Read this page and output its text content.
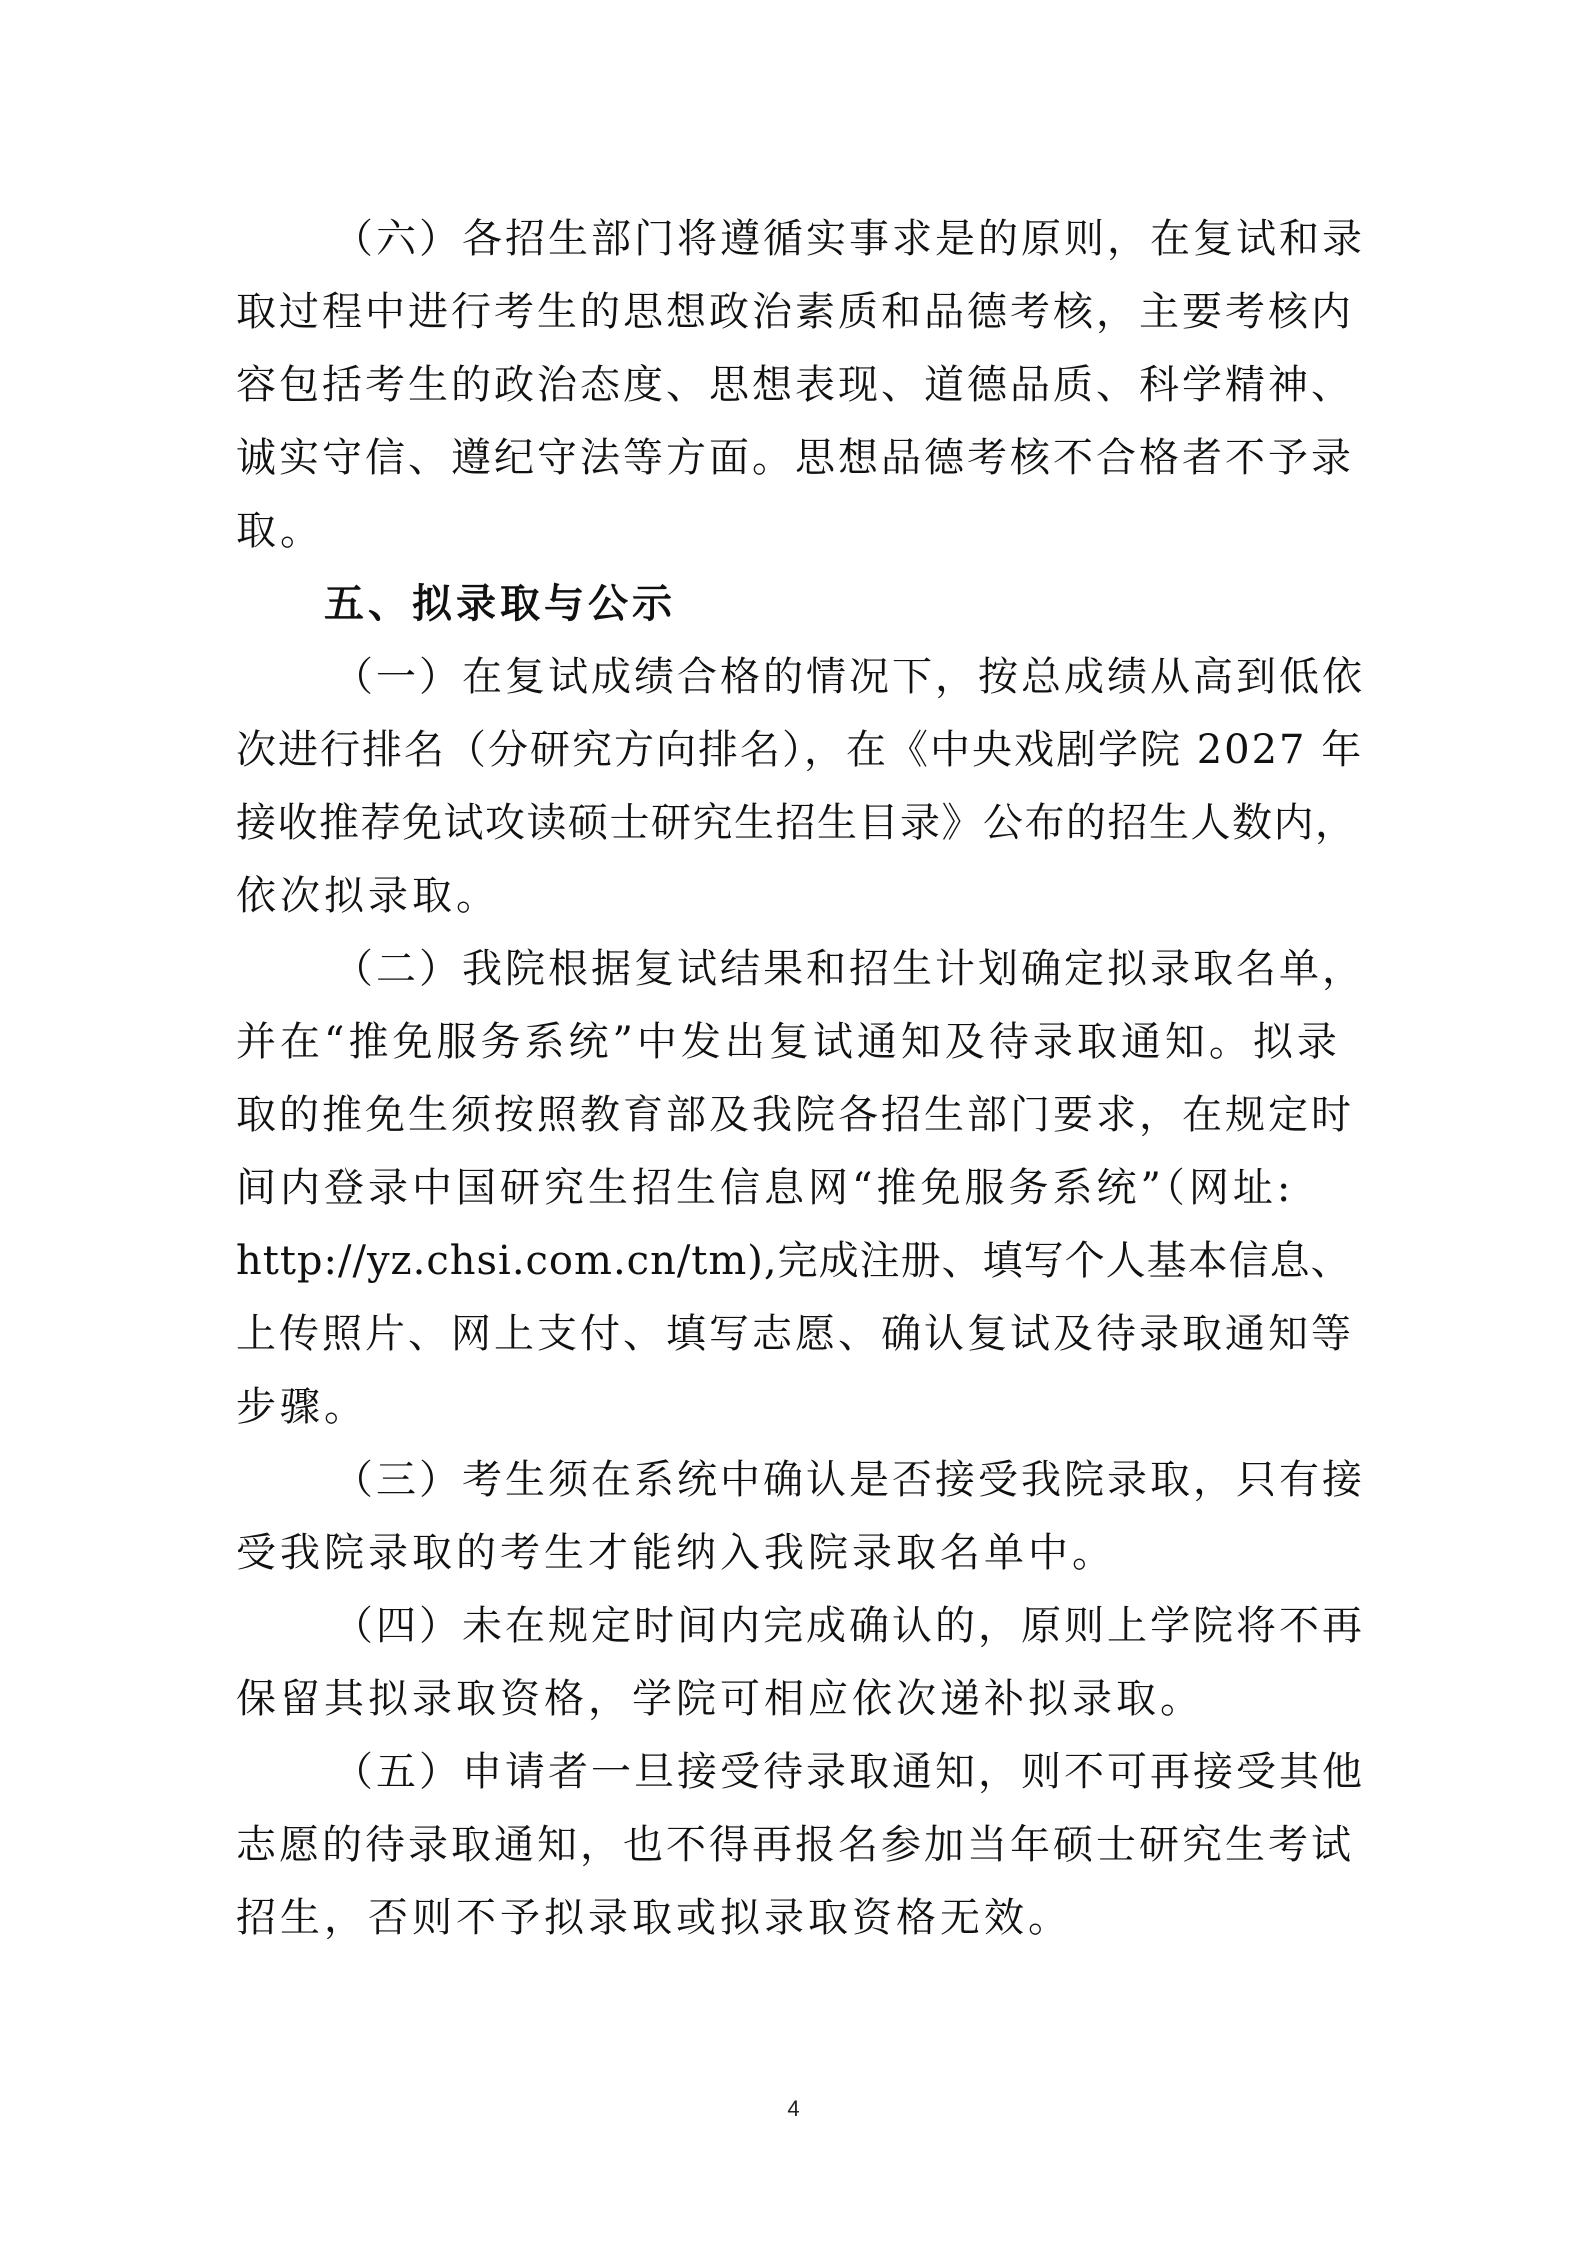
（六）各招生部门将遵循实事求是的原则，在复试和录
取过程中进行考生的思想政治素质和品德考核，主要考核内
容包括考生的政治态度、思想表现、道德品质、科学精神、
诚实守信、遵纪守法等方面。思想品德考核不合格者不予录
取。
五、拟录取与公示
（一）在复试成绩合格的情况下，按总成绩从高到低依
次进行排名（分研究方向排名），在《中央戏剧学院 2027 年
接收推荐免试攻读硕士研究生招生目录》公布的招生人数内，
依次拟录取。
（二）我院根据复试结果和招生计划确定拟录取名单，
并在“推免服务系统”中发出复试通知及待录取通知。拟录
取的推免生须按照教育部及我院各招生部门要求，在规定时
间内登录中国研究生招生信息网“推免服务系统”（网址:
http://yz.chsi.com.cn/tm),完成注册、填写个人基本信息、
上传照片、网上支付、填写志愿、确认复试及待录取通知等
步骤。
（三）考生须在系统中确认是否接受我院录取，只有接
受我院录取的考生才能纳入我院录取名单中。
（四）未在规定时间内完成确认的，原则上学院将不再
保留其拟录取资格，学院可相应依次递补拟录取。
（五）申请者一旦接受待录取通知，则不可再接受其他
志愿的待录取通知，也不得再报名参加当年硕士研究生考试
招生，否则不予拟录取或拟录取资格无效。
4
